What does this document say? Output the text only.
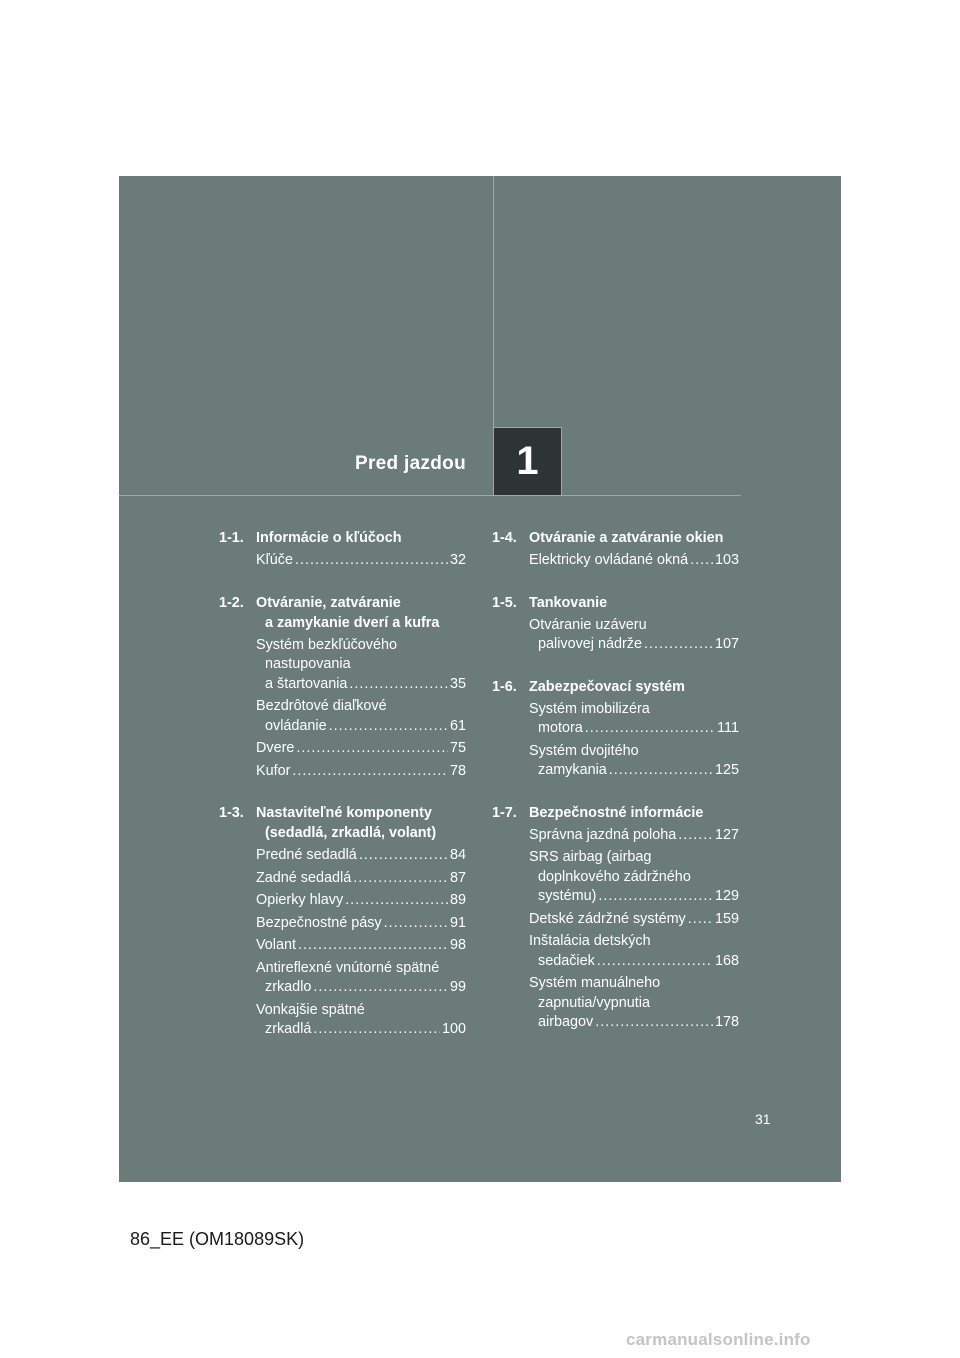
Pred jazdou 1
1-1. Informácie o kľúčoch
Kľúče .....	32
1-2. Otváranie, zatváranie
a zamykanie dverí a kufra
Systém bezkľúčového
nastupovania
a štartovania .....	35
Bezdrôtové diaľkové
ovládanie .....	61
Dvere .....	75
Kufor .....	78
1-3. Nastaviteľné komponenty
(sedadlá, zrkadlá, volant)
Predné sedadlá .....	84
Zadné sedadlá .....	87
Opierky hlavy .....	89
Bezpečnostné pásy .....	91
Volant .....	98
Antireflexné vnútorné spätné
zrkadlo .....	99
Vonkajšie spätné
zrkadlá .....	100
1-4. Otváranie a zatváranie okien
Elektricky ovládané okná ..... 103
1-5. Tankovanie
Otváranie uzáveru
palivovej nádrže .....	107
1-6. Zabezpečovací systém
Systém imobilizéra
motora .....	111
Systém dvojitého
zamykania .....	125
1-7. Bezpečnostné informácie
Správna jazdná poloha .....	127
SRS airbag (airbag
doplnkového zádržného
systému) .....	129
Detské zádržné systémy ..... 159
Inštalácia detských
sedačiek .....	168
Systém manuálneho
zapnutia/vypnutia
airbagov .....	178
31
86_EE (OM18089SK)
carmanualsonline.info
